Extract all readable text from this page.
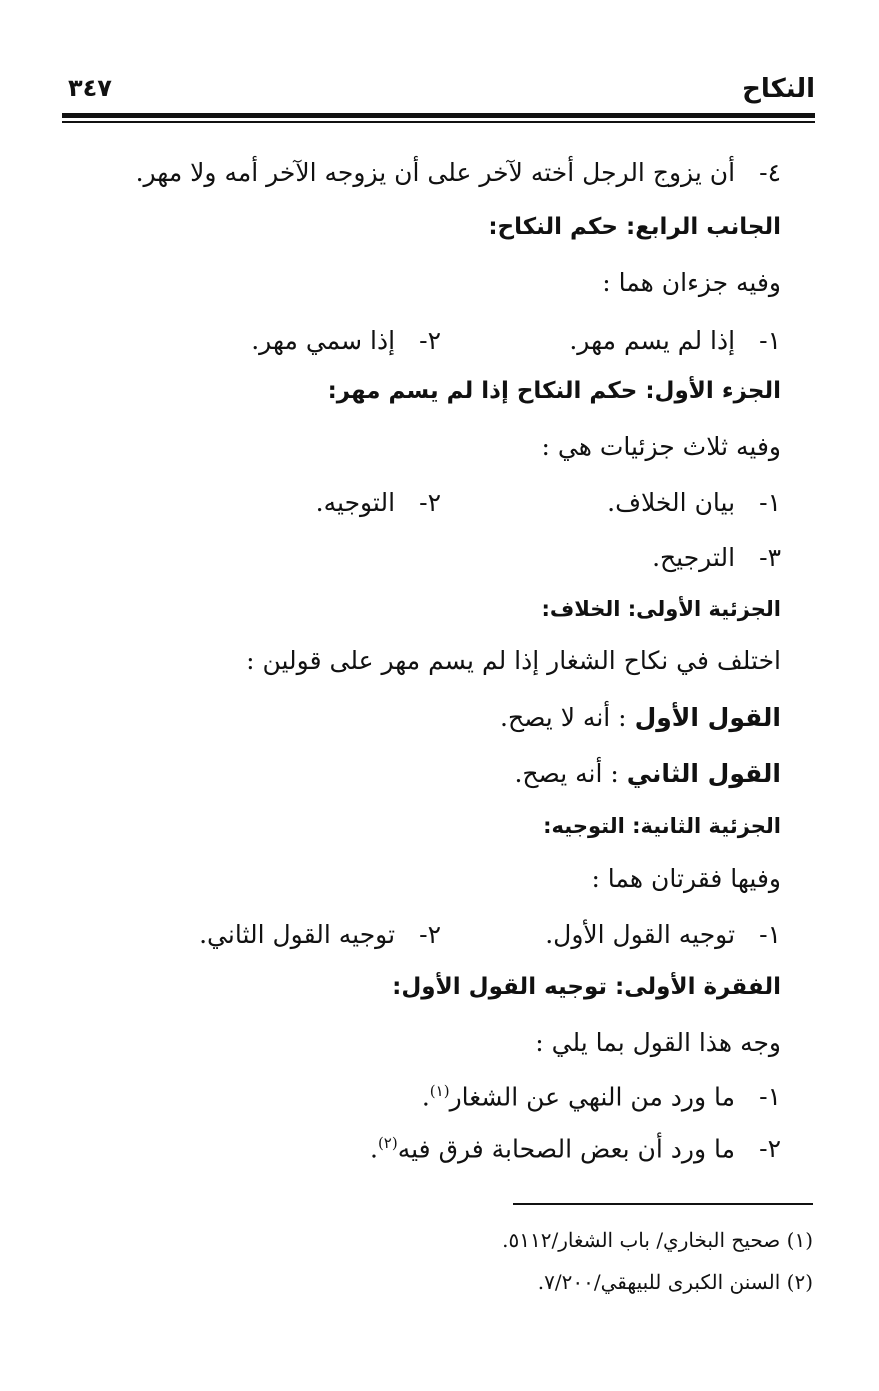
النكاح
٣٤٧
٤- أن يزوج الرجل أخته لآخر على أن يزوجه الآخر أمه ولا مهر.
الجانب الرابع: حكم النكاح:
وفيه جزءان هما :
١- إذا لم يسم مهر.
٢- إذا سمي مهر.
الجزء الأول: حكم النكاح إذا لم يسم مهر:
وفيه ثلاث جزئيات هي :
١- بيان الخلاف.
٢- التوجيه.
٣- الترجيح.
الجزئية الأولى: الخلاف:
اختلف في نكاح الشغار إذا لم يسم مهر على قولين :
القول الأول : أنه لا يصح.
القول الثاني : أنه يصح.
الجزئية الثانية: التوجيه:
وفيها فقرتان هما :
١- توجيه القول الأول.
٢- توجيه القول الثاني.
الفقرة الأولى: توجيه القول الأول:
وجه هذا القول بما يلي :
١- ما ورد من النهي عن الشغار$^{(١)}$.
٢- ما ورد أن بعض الصحابة فرق فيه$^{(٢)}$.
(١) صحيح البخاري/ باب الشغار/٥١١٢.
(٢) السنن الكبرى للبيهقي/٧/٢٠٠.
